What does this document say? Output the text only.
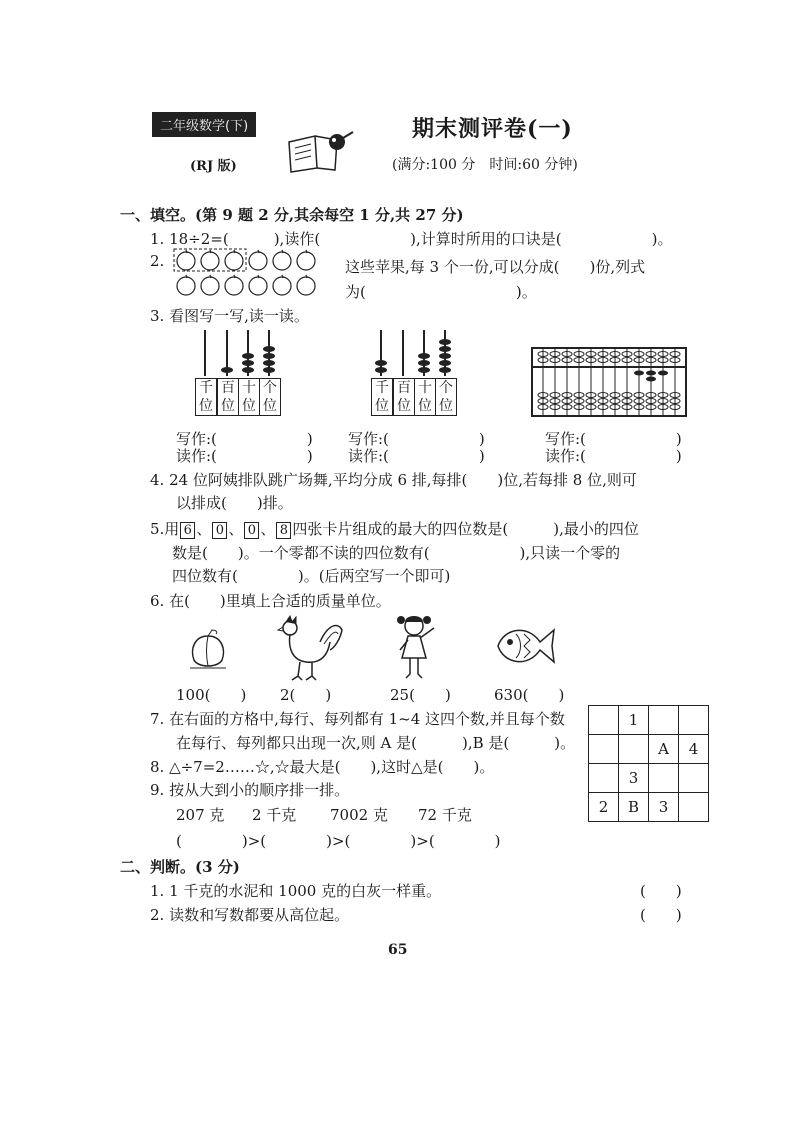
二年级数学(下)
(RJ 版)
期末测评卷(一)
(满分:100 分　时间:60 分钟)
一、填空。(第 9 题 2 分,其余每空 1 分,共 27 分)
1. 18÷2=(　　　),读作(　　　　　　),计算时所用的口诀是(　　　　　　)。
2.	这些苹果,每 3 个一份,可以分成(　　)份,列式
为(　　　　　　　　　　)。
3. 看图写一写,读一读。
千位
百位
十位
个位
千位
百位
十位
个位
写作:(　　　　　　)
读作:(　　　　　　)
写作:(　　　　　　)
读作:(　　　　　　)
写作:(　　　　　　)
读作:(　　　　　　)
4. 24 位阿姨排队跳广场舞,平均分成 6 排,每排(　　)位,若每排 8 位,则可
以排成(　　)排。
5.用 6 、 0 、 0 、 8 四张卡片组成的最大的四位数是(　　　),最小的四位
数是(　　)。一个零都不读的四位数有(　　　　　　),只读一个零的
四位数有(　　　　)。(后两空写一个即可)
6. 在(　　)里填上合适的质量单位。
100(　　) 2(　　)	25(　　)	630(　　)
7. 在右面的方格中,每行、每列都有 1~4 这四个数,并且每个数
在每行、每列都只出现一次,则 A 是(　　　),B 是(　　　)。
	1		
		A	4
	3		
2	B	3	
8. △÷7=2……☆,☆最大是(　　),这时△是(　　)。
9. 按从大到小的顺序排一排。
207 克 2 千克 7002 克 72 千克
(　　　　)>(　　　　)>(　　　　)>(　　　　)
二、判断。(3 分)
1. 1 千克的水泥和 1000 克的白灰一样重。	(　　)
2. 读数和写数都要从高位起。	(　　)
65
